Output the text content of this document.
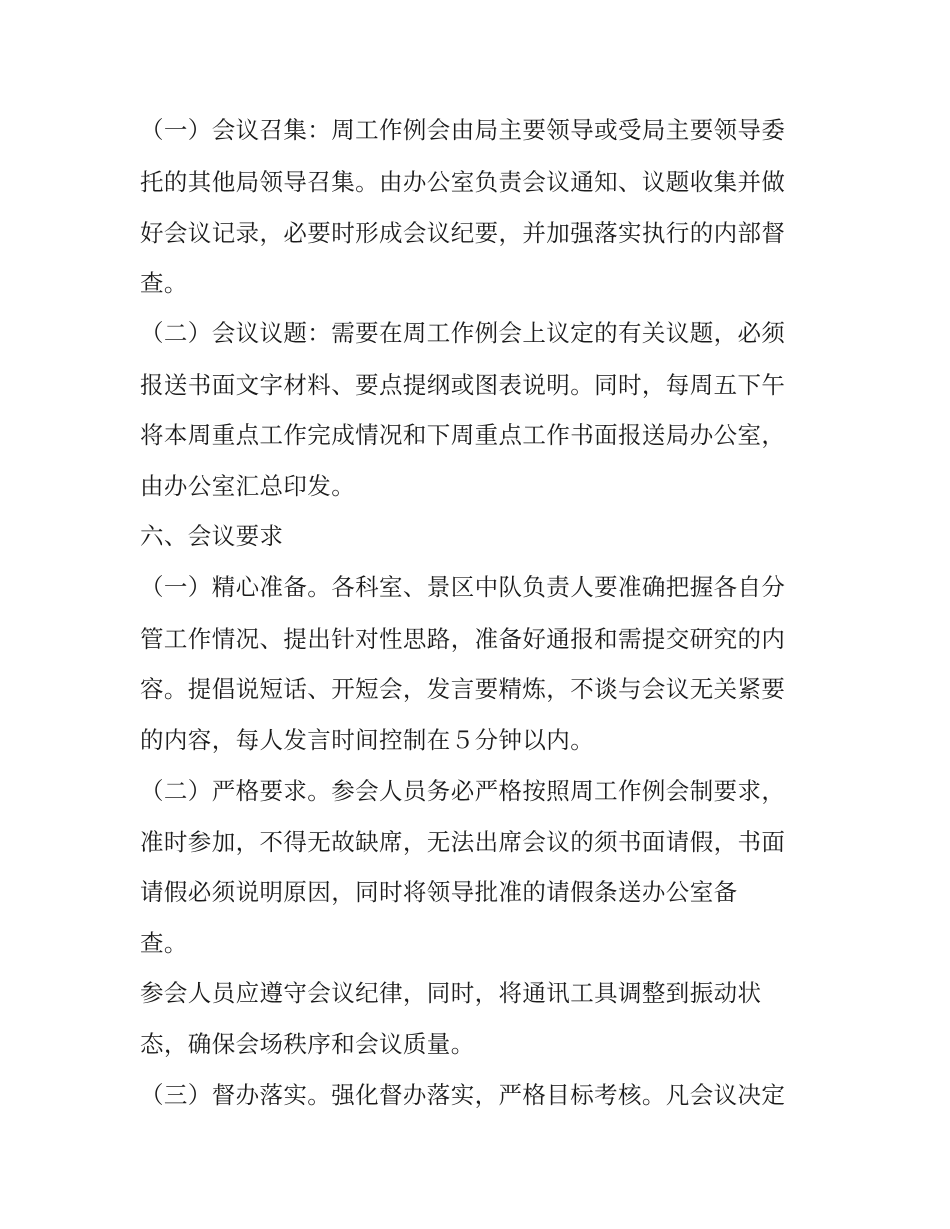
（一）会议召集：周工作例会由局主要领导或受局主要领导委
托的其他局领导召集。由办公室负责会议通知、议题收集并做
好会议记录，必要时形成会议纪要，并加强落实执行的内部督
查。
（二）会议议题：需要在周工作例会上议定的有关议题，必须
报送书面文字材料、要点提纲或图表说明。同时，每周五下午
将本周重点工作完成情况和下周重点工作书面报送局办公室，
由办公室汇总印发。
六、会议要求
（一）精心准备。各科室、景区中队负责人要准确把握各自分
管工作情况、提出针对性思路，准备好通报和需提交研究的内
容。提倡说短话、开短会，发言要精炼，不谈与会议无关紧要
的内容，每人发言时间控制在５分钟以内。
（二）严格要求。参会人员务必严格按照周工作例会制要求，
准时参加，不得无故缺席，无法出席会议的须书面请假，书面
请假必须说明原因，同时将领导批准的请假条送办公室备
查。
参会人员应遵守会议纪律，同时，将通讯工具调整到振动状
态，确保会场秩序和会议质量。
（三）督办落实。强化督办落实，严格目标考核。凡会议决定
